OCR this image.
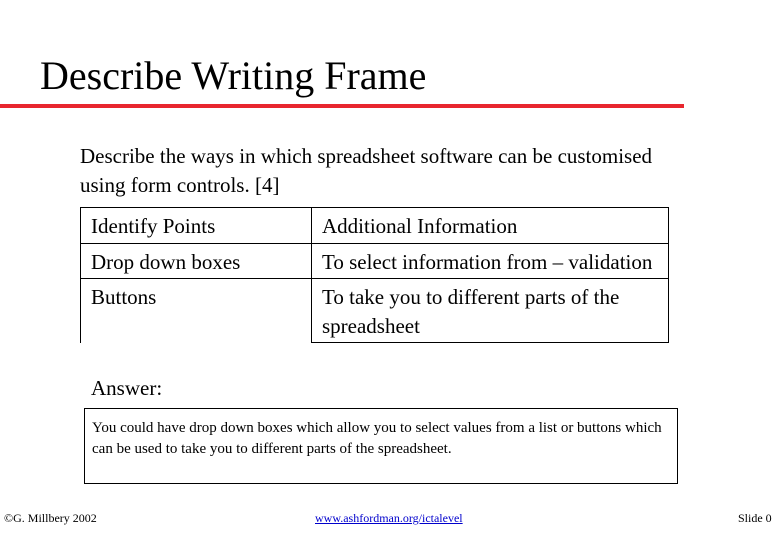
Describe Writing Frame
Describe the ways in which spreadsheet software can be customised using form controls. [4]
Identify Points	Additional Information
Drop down boxes	To select information from – validation
Buttons	To take you to different parts of the spreadsheet
Answer:
You could have drop down boxes which allow you to select values from a list or buttons which can be used to take you to different parts of the spreadsheet.
©G. Millbery 2002	www.ashfordman.org/ictalevel	Slide 0
